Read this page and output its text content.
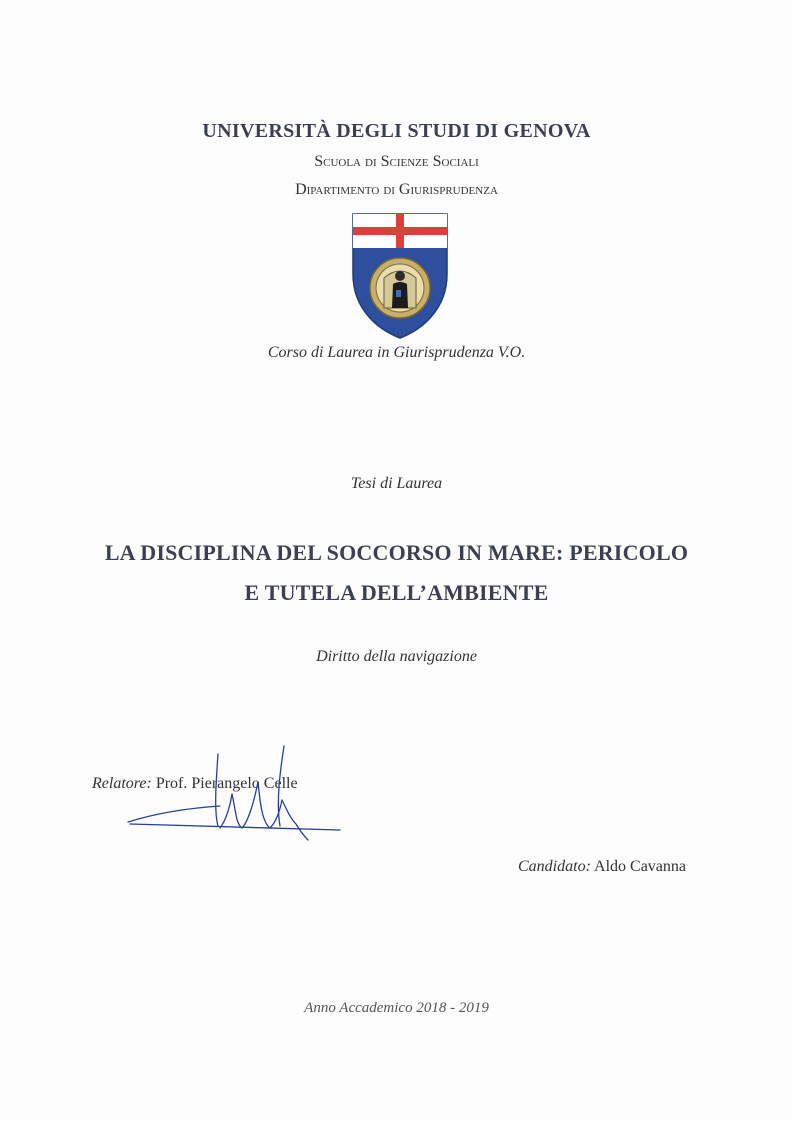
UNIVERSITÀ DEGLI STUDI DI GENOVA
Scuola di Scienze Sociali
Dipartimento di Giurisprudenza
Corso di Laurea in Giurisprudenza V.O.
Tesi di Laurea
LA DISCIPLINA DEL SOCCORSO IN MARE: PERICOLO
E TUTELA DELL’AMBIENTE
Diritto della navigazione
Relatore: Prof. Pierangelo Celle
Candidato: Aldo Cavanna
Anno Accademico 2018 - 2019
